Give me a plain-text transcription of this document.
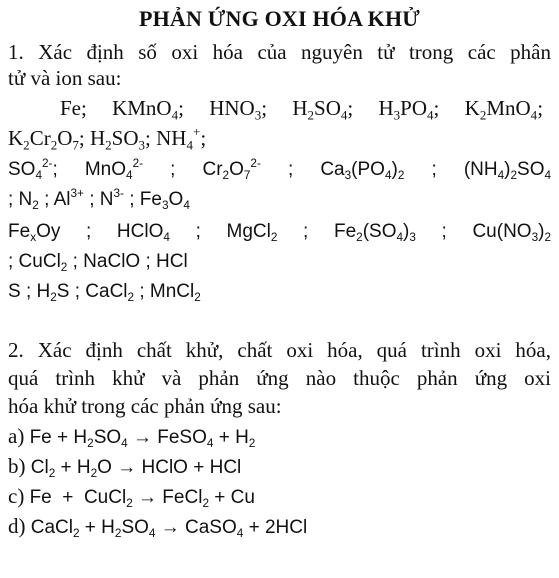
PHẢN ỨNG OXI HÓA KHỬ
1. Xác định số oxi hóa của nguyên tử trong các phân
tử và ion sau:
Fe; KMnO$_4$; $HNO_3$; $H_2SO_4$; $H_3PO_4$; $K_2MnO_4$;
$K_2Cr_2O_7$; $H_2SO_3$; $NH_4^+$;
$SO_4^{2-}$; MnO$_4^{2-}$ ; $Cr_2O_7^{2-}$ ; $Ca_3(PO_4)_2$ ; $(NH_4)_2SO_4$
; $N_2$ ; $Al^{3+}$ ; $N^{3-}$ ; $Fe_3O_4$
$Fe_xOy$ ; HClO$_4$ ; MgCl$_2$ ; $Fe_2(SO_4)_3$ ; $Cu(NO_3)_2$
; CuCl$_2$ ; NaClO ; HCl
S ; $H_2S$ ; CaCl$_2$ ; MnCl$_2$
2. Xác định chất khử, chất oxi hóa, quá trình oxi hóa,
quá trình khử và phản ứng nào thuộc phản ứng oxi
hóa khử trong các phản ứng sau:
a) $Fe + H_2SO_4$ → FeSO$_4$ + $H_2$
b) $Cl_2 + H_2O$ → HClO + HCl
c) Fe  +  CuCl$_2$ → FeCl$_2$ + Cu
d) CaCl$_2$ + $H_2SO_4$ → CaSO$_4$ + 2HCl
